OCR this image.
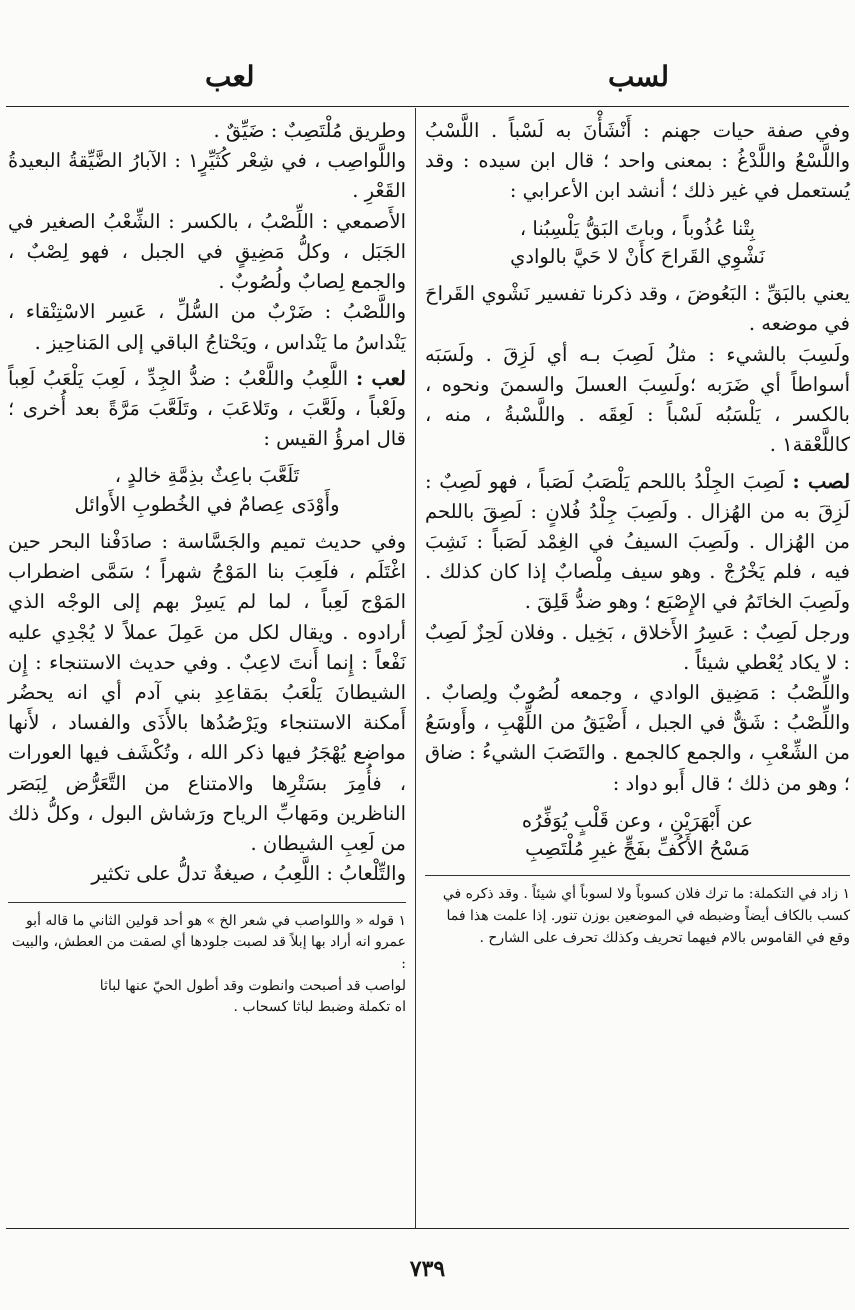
لعب	لسب

وفي صفة حيات جهنم : أَنْشَأْنَ به لَسْباً . اللَّسْبُ واللَّسْعُ واللَّدْغُ : بمعنى واحد ؛ قال ابن سيده : وقد يُستعمل في غير ذلك ؛ أنشد ابن الأعرابي :

بِتْنا عُذُوباً ، وباتَ البَقُّ يَلْسِبُنا ،
نَشْوِي القَراحَ كأَنْ لا حَيَّ بالوادي

يعني بالبَقِّ : البَعُوضَ ، وقد ذكرنا تفسير نَشْوي القَراحَ في موضعه .

ولَسِبَ بالشيء : مثلُ لَصِبَ بـه أي لَزِقَ . ولَسَبَه أسواطاً أي ضَرَبه ؛ولَسِبَ العسلَ والسمنَ ونحوه ، بالكسر ، يَلْسَبُه لَسْباً : لَعِقَه . واللَّسْبةُ ، منه ، كاللَّعْقة١ .

لصب : لَصِبَ الجِلْدُ باللحم يَلْصَبُ لَصَباً ، فهو لَصِبٌ : لَزِقَ به من الهُزال . ولَصِبَ جِلْدُ فُلانٍ : لَصِقَ باللحم من الهُزال . ولَصِبَ السيفُ في الغِمْد لَصَباً : نَشِبَ فيه ، فلم يَخْرُجْ . وهو سيف مِلْصابٌ إذا كان كذلك . ولَصِبَ الخاتَمُ في الإِصْبَع ؛ وهو ضدُّ قَلِقَ .

ورجل لَصِبٌ : عَسِرُ الأَخلاق ، بَخِيل . وفلان لَحِزٌ لَصِبٌ : لا يكاد يُعْطي شيئاً .

واللِّصْبُ : مَضِيق الوادي ، وجمعه لُصُوبٌ ولِصابٌ . واللِّصْبُ : شَقٌّ في الجبل ، أَضْيَقُ من اللِّهْبِ ، وأَوسَعُ من الشِّعْبِ ، والجمع كالجمع . والتَصَبَ الشيءُ : ضاق ؛ وهو من ذلك ؛ قال أَبو دواد :

عن أَبْهَرَيْنِ ، وعن قَلْبٍ يُوَفِّرُه
مَسْحُ الأَكُفِّ بفَجٍّ غيرِ مُلْتَصِبِ
١ زاد في التكملة: ما ترك فلان كسوباً ولا لسوباً أي شيئاً . وقد ذكره في كسب بالكاف أيضاً وضبطه في الموضعين بوزن تنور. إذا علمت هذا فما وقع في القاموس بالام فيهما تحريف وكذلك تحرف على الشارح .

وطريق مُلْتَصِبٌ : ضَيِّقٌ .

واللَّواصِب ، في شِعْر كُثَيِّرٍ١ : الآبارُ الضَّيِّقةُ البعيدةُ القَعْرِ .

الأَصمعي : اللِّصْبُ ، بالكسر : الشِّعْبُ الصغير في الجَبَل ، وكلُّ مَضِيقٍ في الجبل ، فهو لِصْبٌ ، والجمع لِصابٌ ولُصُوبٌ .

واللَّصْبُ : ضَرْبٌ من السُّلِّ ، عَسِر الاسْتِنْقاء ، يَنْداسُ ما يَنْداس ، ويَحْتاجُ الباقي إلى المَناحِيز .

لعب : اللَّعِبُ واللَّعْبُ : ضدُّ الجِدِّ ، لَعِبَ يَلْعَبُ لَعِباً ولَعْباً ، ولَعَّبَ ، وتَلاعَبَ ، وتَلَعَّبَ مَرَّةً بعد أُخرى ؛ قال امرؤُ القيس :

تَلَعَّبَ باعِثٌ بذِمَّةِ خالدٍ ،
وأَوْدَى عِصامٌ في الخُطوبِ الأَوائل

وفي حديث تميم والجَسَّاسة : صادَفْنا البحر حين اغْتَلَم ، فلَعِبَ بنا المَوْجُ شهراً ؛ سَمَّى اضطراب المَوْج لَعِباً ، لما لم يَسِرْ بهم إلى الوجْه الذي أرادوه . ويقال لكل من عَمِلَ عملاً لا يُجْدِي عليه نَفْعاً : إِنما أَنتَ لاعِبٌ . وفي حديث الاستنجاء : إِن الشيطانَ يَلْعَبُ بمَقاعِدِ بني آدم أي انه يحضُر أَمكنة الاستنجاء ويَرْصُدُها بالأَذَى والفساد ، لأَنها مواضع يُهْجَرُ فيها ذكر الله ، وتُكْشَف فيها العورات ، فأُمِرَ بسَتْرِها والامتناع من التَّعَرُّض لِبَصَر الناظرين ومَهابِّ الرياح ورَشاش البول ، وكلُّ ذلك من لَعِبِ الشيطان .

والتِّلْعابُ : اللَّعِبُ ، صيغةٌ تدلُّ على تكثير

١ قوله « واللواصب في شعر الخ » هو أحد قولين الثاني ما قاله أبو عمرو انه أراد بها إبلاً قد لصبت جلودها أي لصقت من العطش، والبيت :
لواصب قد أصبحت وانطوت وقد أطول الحيّ عنها لباثا
اه تكملة وضبط لباثا كسحاب .
٧٣٩
